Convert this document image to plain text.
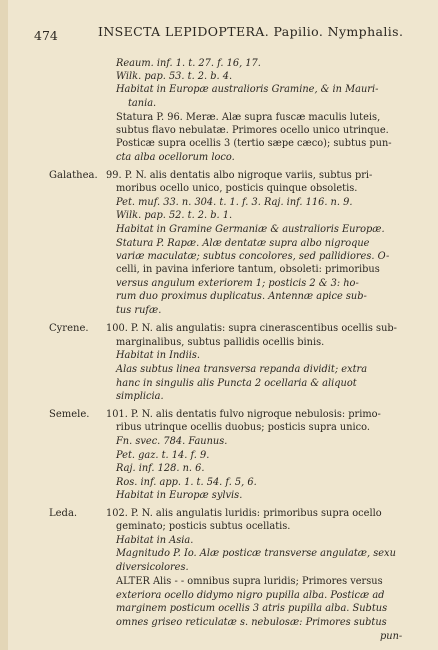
474	INSECTA LEPIDOPTERA. Papilio. Nymphalis.
Reaum. inf. 1. t. 27. f. 16, 17.
Wilk. pap. 53. t. 2. b. 4.
Habitat in Europæ australioris Gramine, & in Mauri-
tania.
Statura P. 96. Meræ. Alæ supra fuscæ maculis luteis,
subtus flavo nebulatæ. Primores ocello unico utrinque.
Posticæ supra ocellis 3 (tertio sæpe cæco); subtus pun-
cta alba ocellorum loco.
99. P. N. alis dentatis albo nigroque variis, subtus pri-
moribus ocello unico, posticis quinque obsoletis.
Pet. muf. 33. n. 304. t. 1. f. 3. Raj. inf. 116. n. 9.
Wilk. pap. 52. t. 2. b. 1.
Habitat in Gramine Germaniæ & australioris Europæ.
Statura P. Rapæ. Alæ dentatæ supra albo nigroque
variæ maculatæ; subtus concolores, sed pallidiores. O-
celli, in pavina inferiore tantum, obsoleti: primoribus
versus angulum exteriorem 1; posticis 2 & 3: ho-
rum duo proximus duplicatus. Antennæ apice sub-
tus rufæ.
100. P. N. alis angulatis: supra cinerascentibus ocellis sub-
marginalibus, subtus pallidis ocellis binis.
Habitat in Indiis.
Alas subtus linea transversa repanda dividit; extra
hanc in singulis alis Puncta 2 ocellaria & aliquot
simplicia.
101. P. N. alis dentatis fulvo nigroque nebulosis: primo-
ribus utrinque ocellis duobus; posticis supra unico.
Fn. svec. 784. Faunus.
Pet. gaz. t. 14. f. 9.
Raj. inf. 128. n. 6.
Ros. inf. app. 1. t. 54. f. 5, 6.
Habitat in Europæ sylvis.
102. P. N. alis angulatis luridis: primoribus supra ocello
geminato; posticis subtus ocellatis.
Habitat in Asia.
Magnitudo P. Io. Alæ posticæ transverse angulatæ, sexu
diversicolores.
ALTER Alis - - omnibus supra luridis; Primores versus
exteriora ocello didymo nigro pupilla alba. Posticæ ad
marginem posticum ocellis 3 atris pupilla alba. Subtus
omnes griseo reticulatæ s. nebulosæ: Primores subtus
pun-
Galathea.
Cyrene.
Semele.
Leda.
